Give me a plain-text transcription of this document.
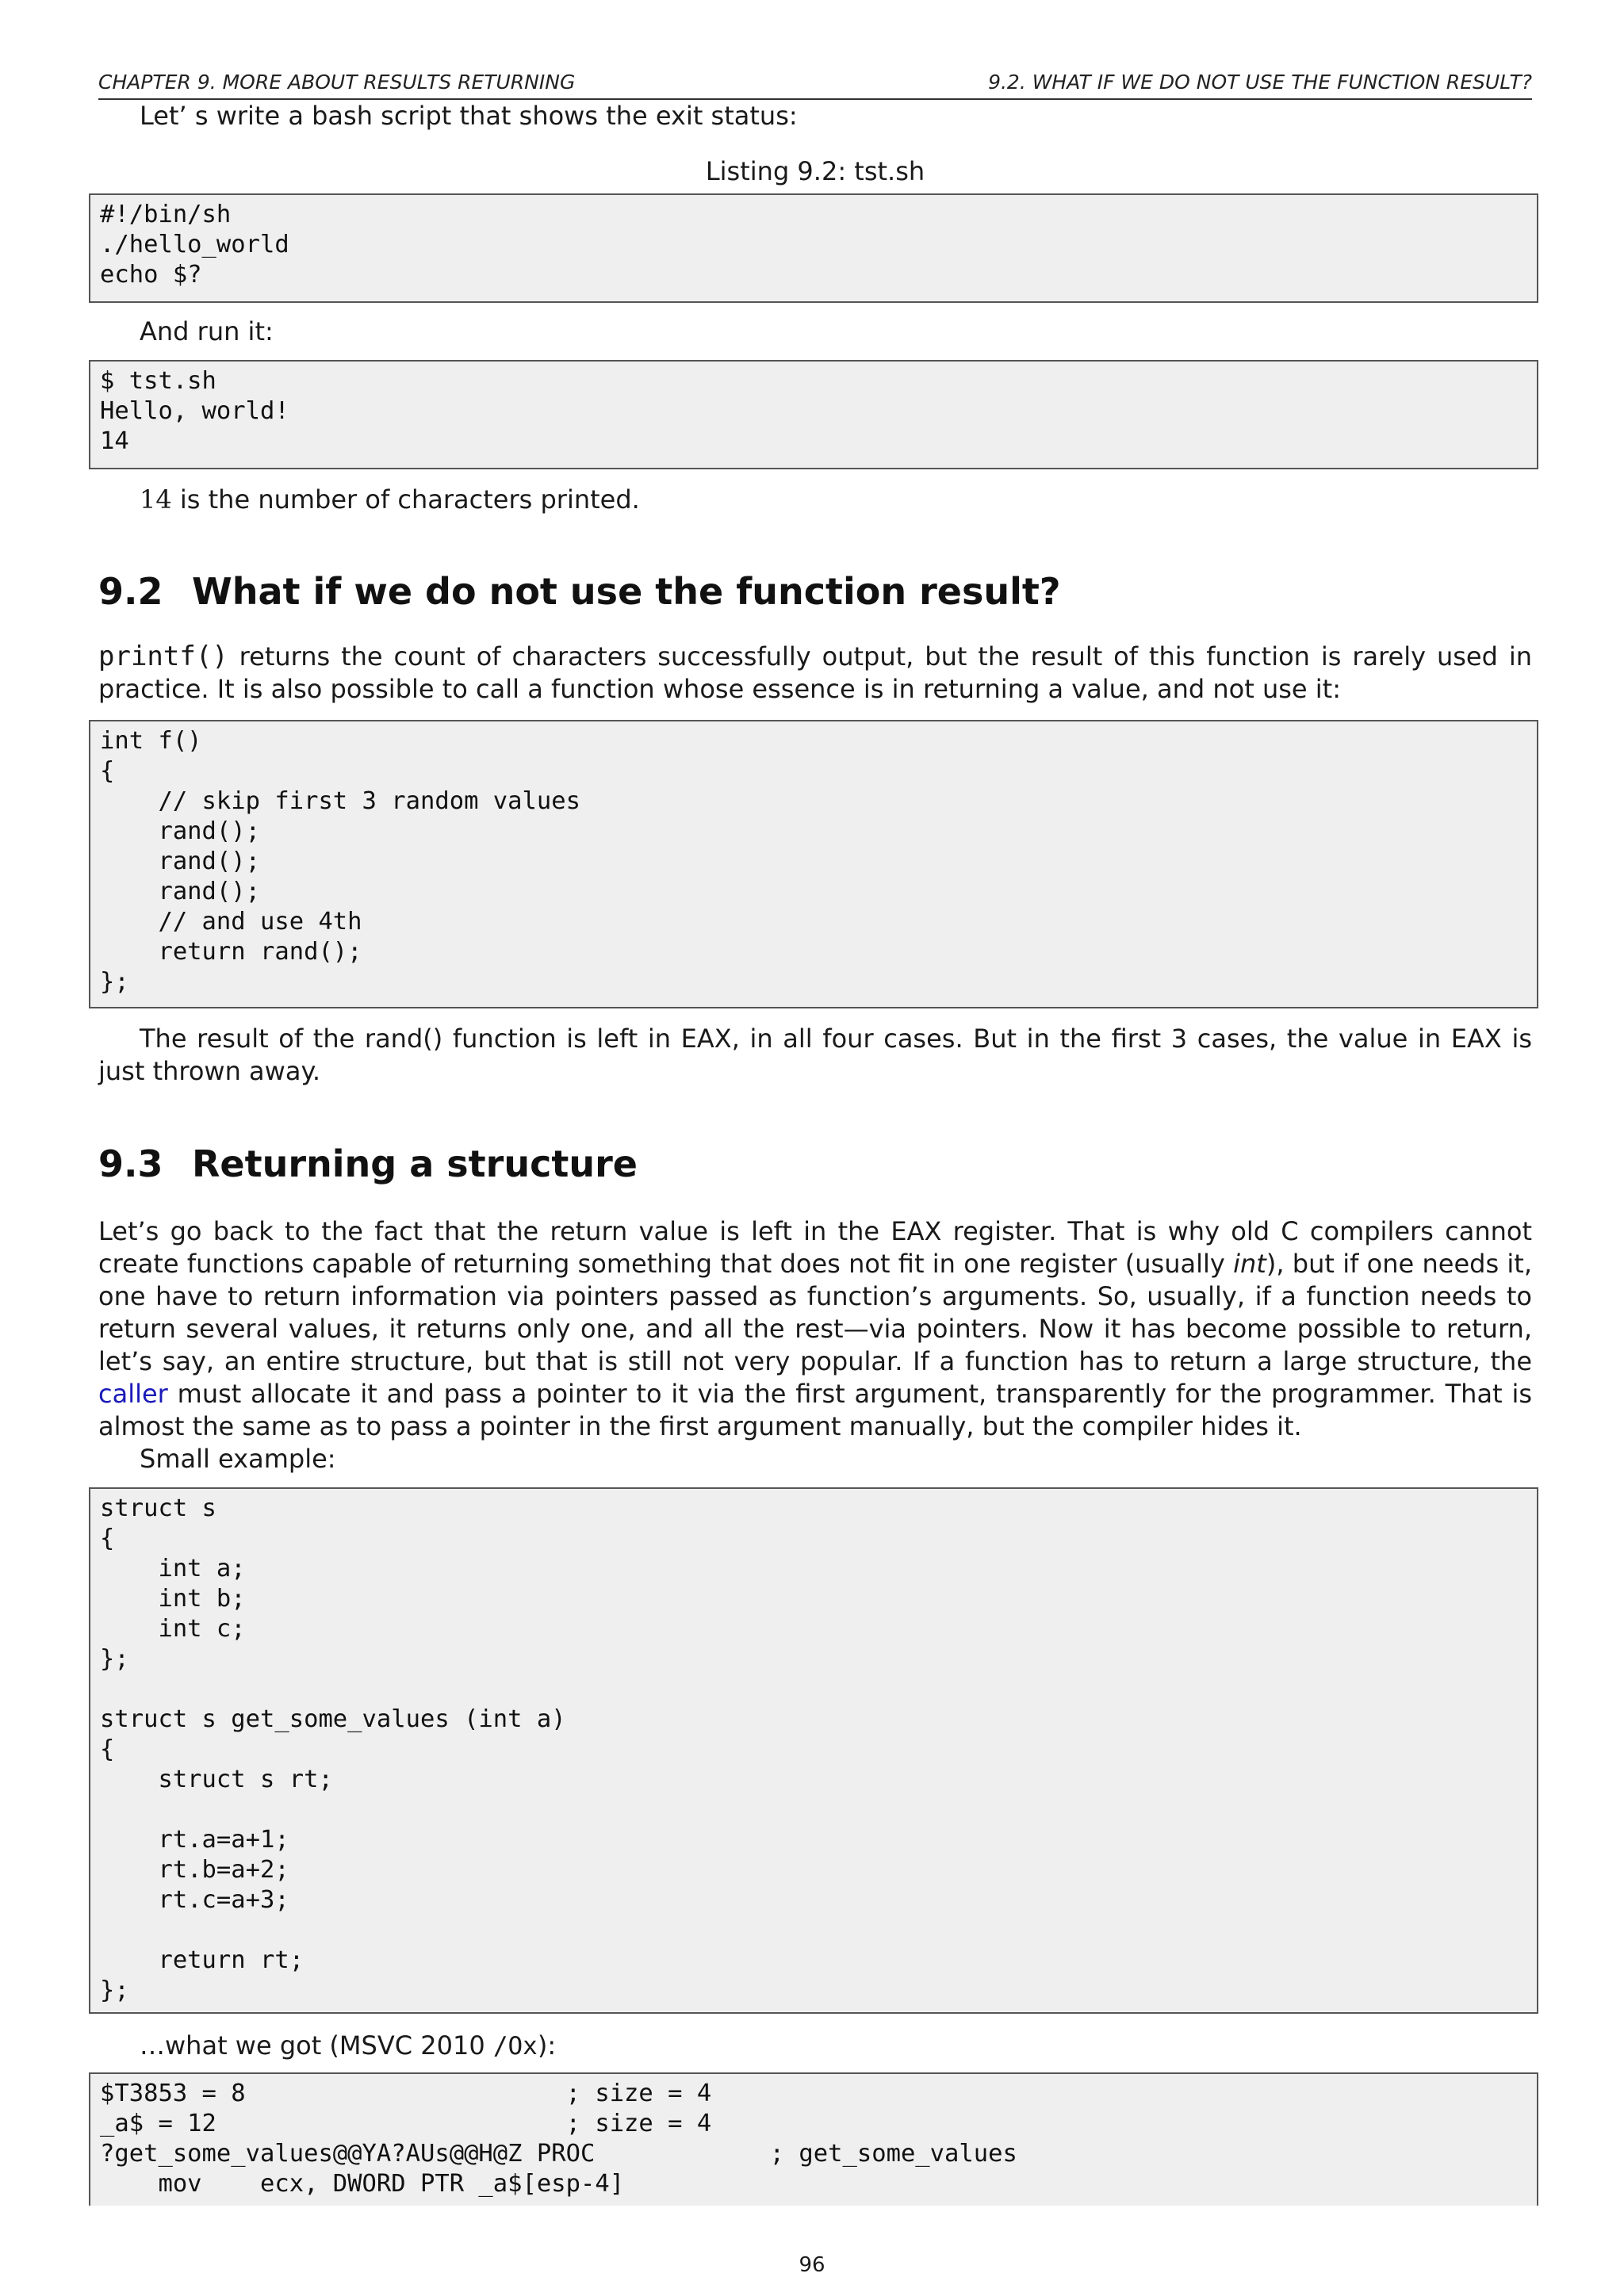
CHAPTER 9. MORE ABOUT RESULTS RETURNING	9.2. WHAT IF WE DO NOT USE THE FUNCTION RESULT?
Let’ s write a bash script that shows the exit status:
Listing 9.2: tst.sh
#!/bin/sh
./hello_world
echo $?
And run it:
$ tst.sh
Hello, world!
14
14 is the number of characters printed.
9.2 What if we do not use the function result?
printf() returns the count of characters successfully output, but the result of this function is rarely used in practice. It is also possible to call a function whose essence is in returning a value, and not use it:
int f()
{
// skip first 3 random values
rand();
rand();
rand();
// and use 4th
return rand();
};
The result of the rand() function is left in EAX, in all four cases. But in the first 3 cases, the value in EAX is just thrown away.
9.3 Returning a structure
Let’s go back to the fact that the return value is left in the EAX register. That is why old C compilers cannot create functions capable of returning something that does not fit in one register (usually int), but if one needs it, one have to return information via pointers passed as function’s arguments. So, usually, if a function needs to return several values, it returns only one, and all the rest—via pointers. Now it has become possible to return, let’s say, an entire structure, but that is still not very popular. If a function has to return a large structure, the caller must allocate it and pass a pointer to it via the first argument, transparently for the programmer. That is almost the same as to pass a pointer in the first argument manually, but the compiler hides it.
Small example:
struct s
{
int a;
int b;
int c;
};

struct s get_some_values (int a)
{
struct s rt;

rt.a=a+1;
rt.b=a+2;
rt.c=a+3;

return rt;
};
…what we got (MSVC 2010 /Ox):
$T3853 = 8                      ; size = 4
_a$ = 12                        ; size = 4
?get_some_values@@YA?AUs@@H@Z PROC            ; get_some_values
mov    ecx, DWORD PTR _a$[esp-4]
96
